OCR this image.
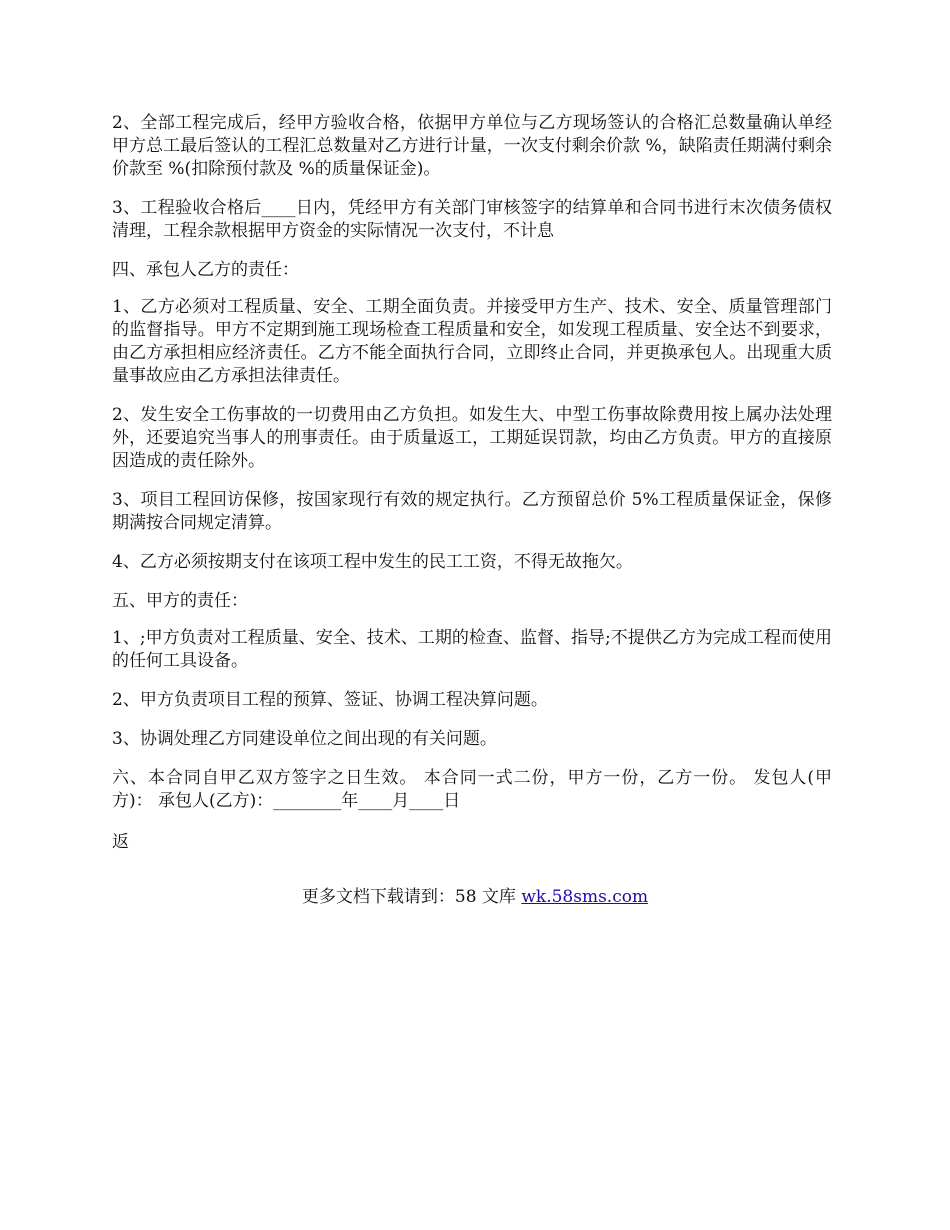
2、全部工程完成后，经甲方验收合格，依据甲方单位与乙方现场签认的合格汇总数量确认单经甲方总工最后签认的工程汇总数量对乙方进行计量，一次支付剩余价款 %，缺陷责任期满付剩余价款至 %(扣除预付款及 %的质量保证金)。

3、工程验收合格后____日内，凭经甲方有关部门审核签字的结算单和合同书进行末次债务债权清理，工程余款根据甲方资金的实际情况一次支付，不计息

四、承包人乙方的责任：

1、乙方必须对工程质量、安全、工期全面负责。并接受甲方生产、技术、安全、质量管理部门的监督指导。甲方不定期到施工现场检查工程质量和安全，如发现工程质量、安全达不到要求，由乙方承担相应经济责任。乙方不能全面执行合同，立即终止合同，并更换承包人。出现重大质量事故应由乙方承担法律责任。

2、发生安全工伤事故的一切费用由乙方负担。如发生大、中型工伤事故除费用按上属办法处理外，还要追究当事人的刑事责任。由于质量返工，工期延误罚款，均由乙方负责。甲方的直接原因造成的责任除外。

3、项目工程回访保修，按国家现行有效的规定执行。乙方预留总价 5%工程质量保证金，保修期满按合同规定清算。

4、乙方必须按期支付在该项工程中发生的民工工资，不得无故拖欠。

五、甲方的责任：

1、;甲方负责对工程质量、安全、技术、工期的检查、监督、指导;不提供乙方为完成工程而使用的任何工具设备。

2、甲方负责项目工程的预算、签证、协调工程决算问题。

3、协调处理乙方同建设单位之间出现的有关问题。

六、本合同自甲乙双方签字之日生效。 本合同一式二份，甲方一份，乙方一份。 发包人(甲方)： 承包人(乙方)：________年____月____日

返

更多文档下载请到：58 文库 wk.58sms.com
